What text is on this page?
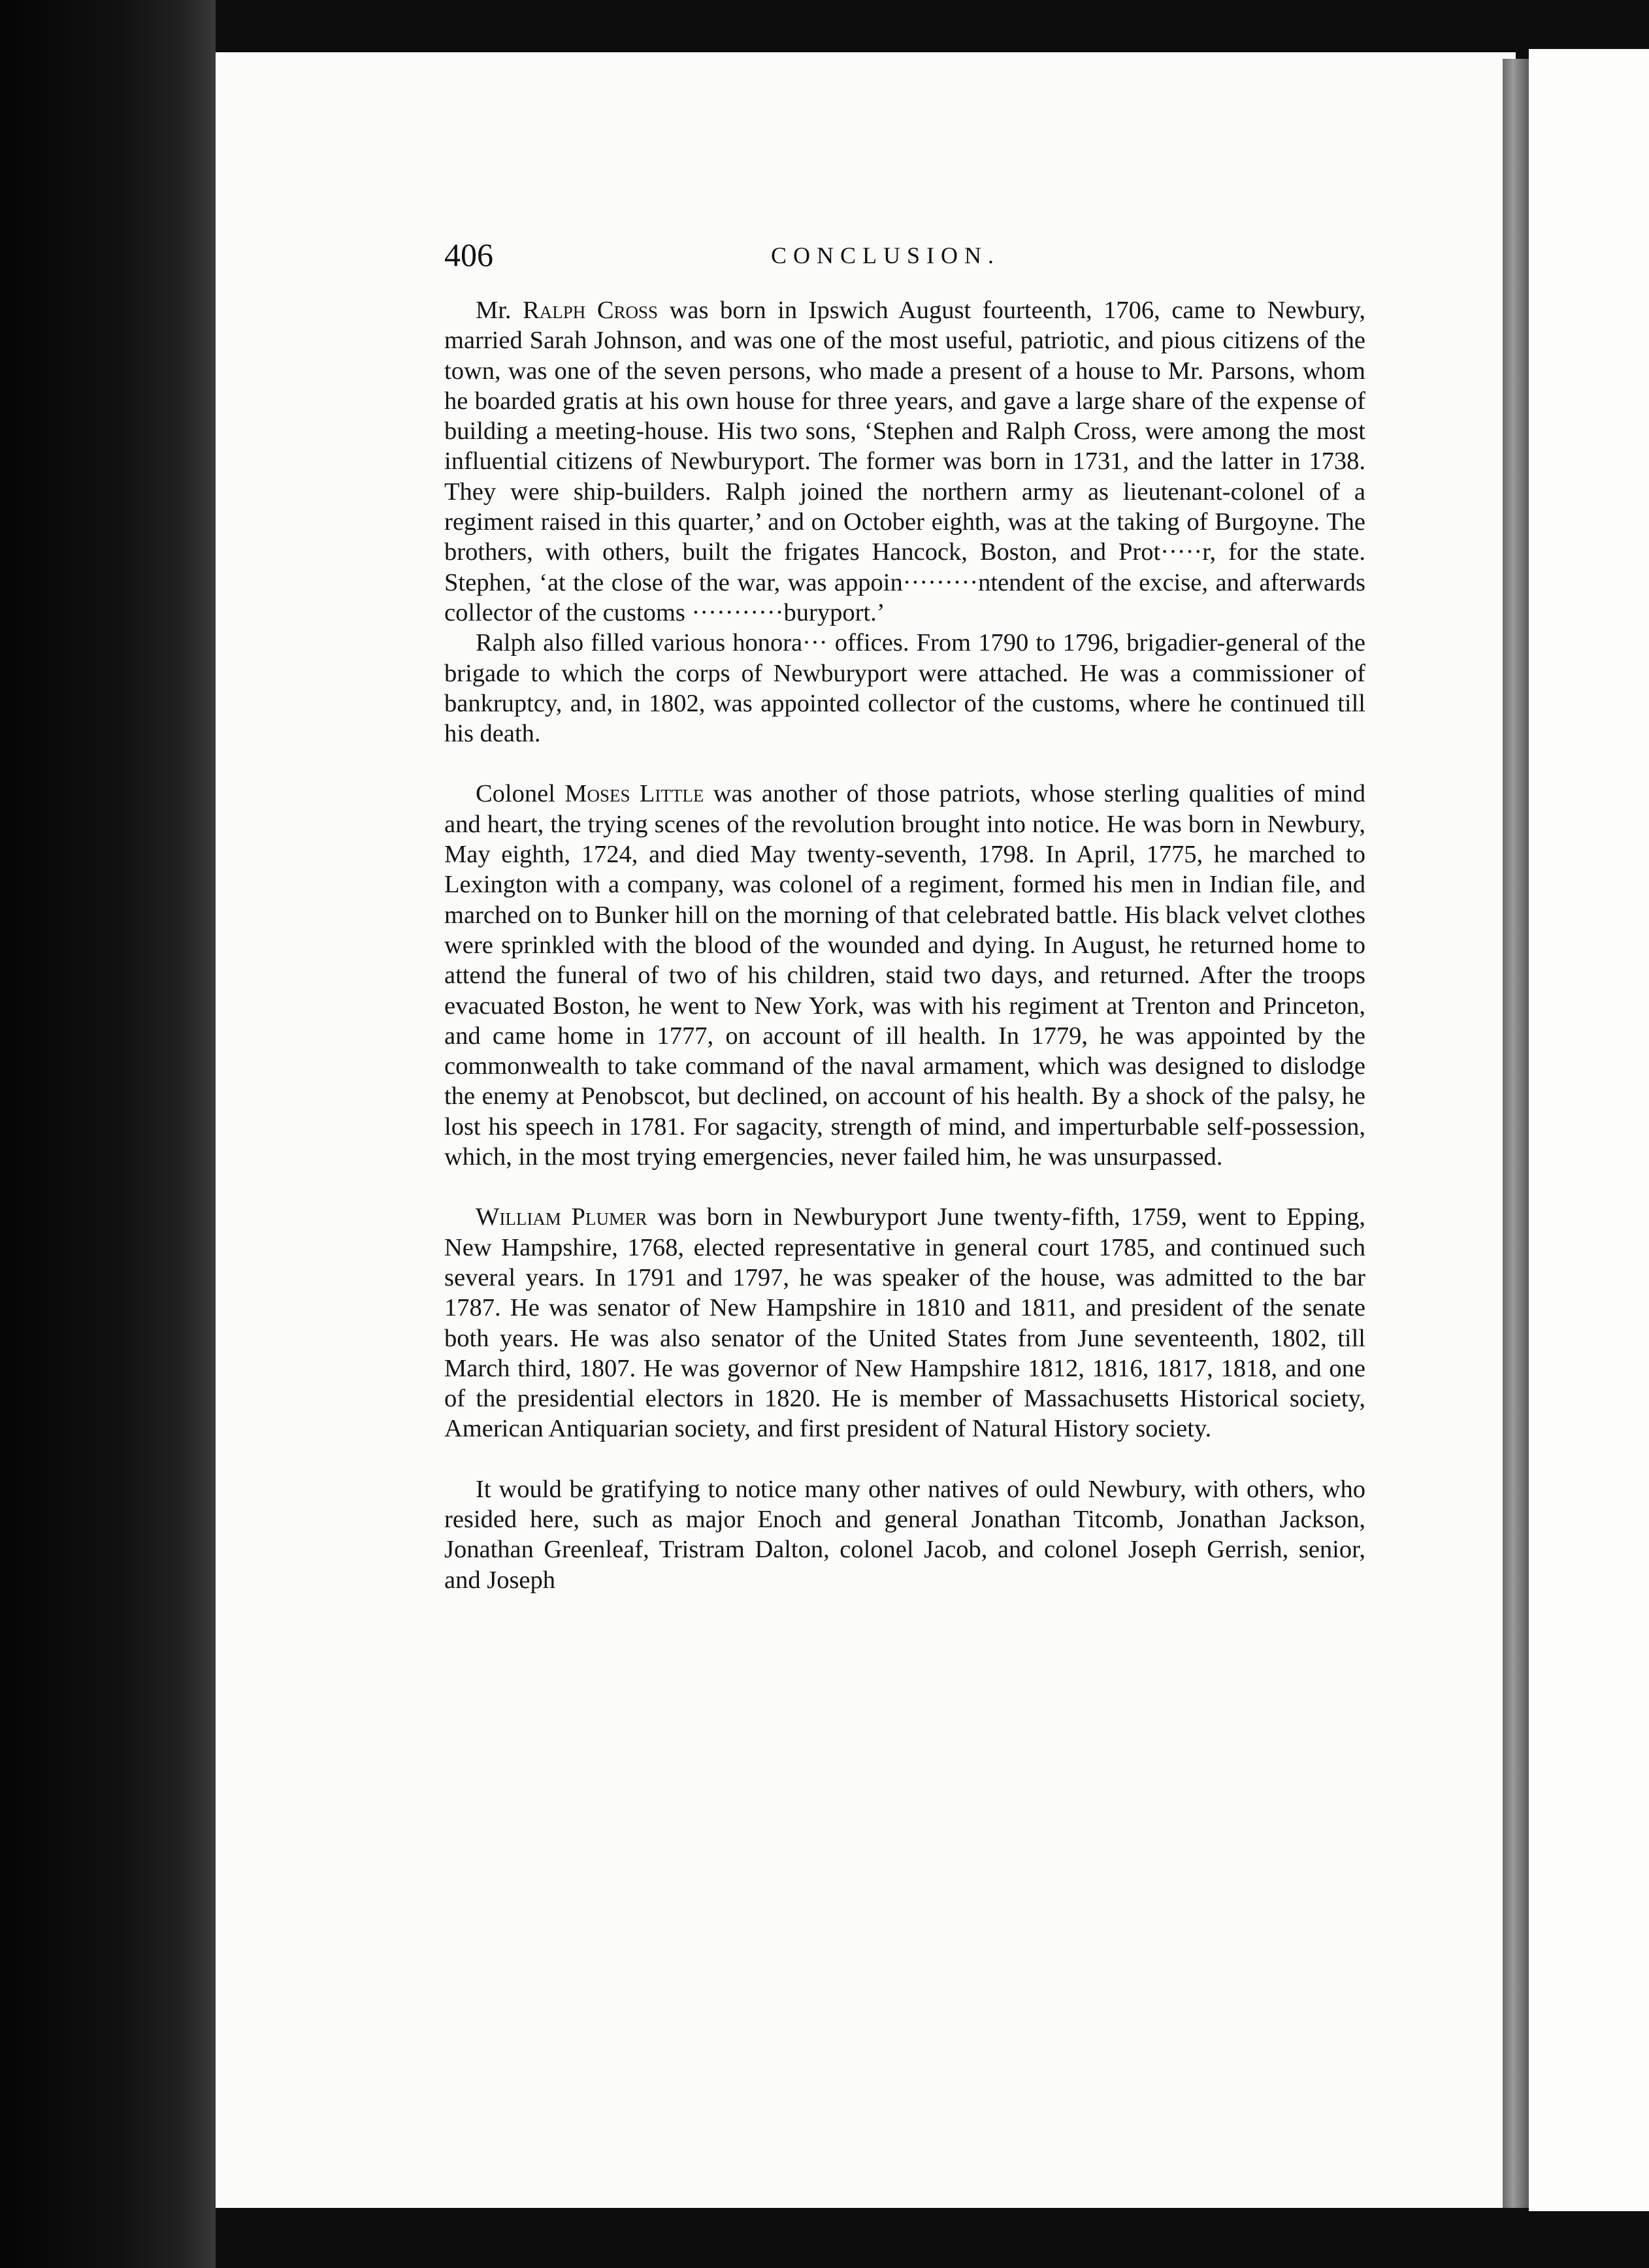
406	CONCLUSION.

Mr. Ralph Cross was born in Ipswich August fourteenth, 1706, came to Newbury, married Sarah Johnson, and was one of the most useful, patriotic, and pious citizens of the town, was one of the seven persons, who made a present of a house to Mr. Parsons, whom he boarded gratis at his own house for three years, and gave a large share of the expense of building a meeting-house. His two sons, ‘Stephen and Ralph Cross, were among the most influential citizens of Newburyport. The former was born in 1731, and the latter in 1738. They were ship-builders. Ralph joined the northern army as lieutenant-colonel of a regiment raised in this quarter,’ and on October eighth, was at the taking of Burgoyne. The brothers, with others, built the frigates Hancock, Boston, and Prot·····r, for the state. Stephen, ‘at the close of the war, was appoin·········ntendent of the excise, and afterwards collector of the customs ···········buryport.’

Ralph also filled various honora··· offices. From 1790 to 1796, brigadier-general of the brigade to which the corps of Newburyport were attached. He was a commissioner of bankruptcy, and, in 1802, was appointed collector of the customs, where he continued till his death.

Colonel Moses Little was another of those patriots, whose sterling qualities of mind and heart, the trying scenes of the revolution brought into notice. He was born in Newbury, May eighth, 1724, and died May twenty-seventh, 1798. In April, 1775, he marched to Lexington with a company, was colonel of a regiment, formed his men in Indian file, and marched on to Bunker hill on the morning of that celebrated battle. His black velvet clothes were sprinkled with the blood of the wounded and dying. In August, he returned home to attend the funeral of two of his children, staid two days, and returned. After the troops evacuated Boston, he went to New York, was with his regiment at Trenton and Princeton, and came home in 1777, on account of ill health. In 1779, he was appointed by the commonwealth to take command of the naval armament, which was designed to dislodge the enemy at Penobscot, but declined, on account of his health. By a shock of the palsy, he lost his speech in 1781. For sagacity, strength of mind, and imperturbable self-possession, which, in the most trying emergencies, never failed him, he was unsurpassed.

William Plumer was born in Newburyport June twenty-fifth, 1759, went to Epping, New Hampshire, 1768, elected representative in general court 1785, and continued such several years. In 1791 and 1797, he was speaker of the house, was admitted to the bar 1787. He was senator of New Hampshire in 1810 and 1811, and president of the senate both years. He was also senator of the United States from June seventeenth, 1802, till March third, 1807. He was governor of New Hampshire 1812, 1816, 1817, 1818, and one of the presidential electors in 1820. He is member of Massachusetts Historical society, American Antiquarian society, and first president of Natural History society.

It would be gratifying to notice many other natives of ould Newbury, with others, who resided here, such as major Enoch and general Jonathan Titcomb, Jonathan Jackson, Jonathan Greenleaf, Tristram Dalton, colonel Jacob, and colonel Joseph Gerrish, senior, and Joseph
